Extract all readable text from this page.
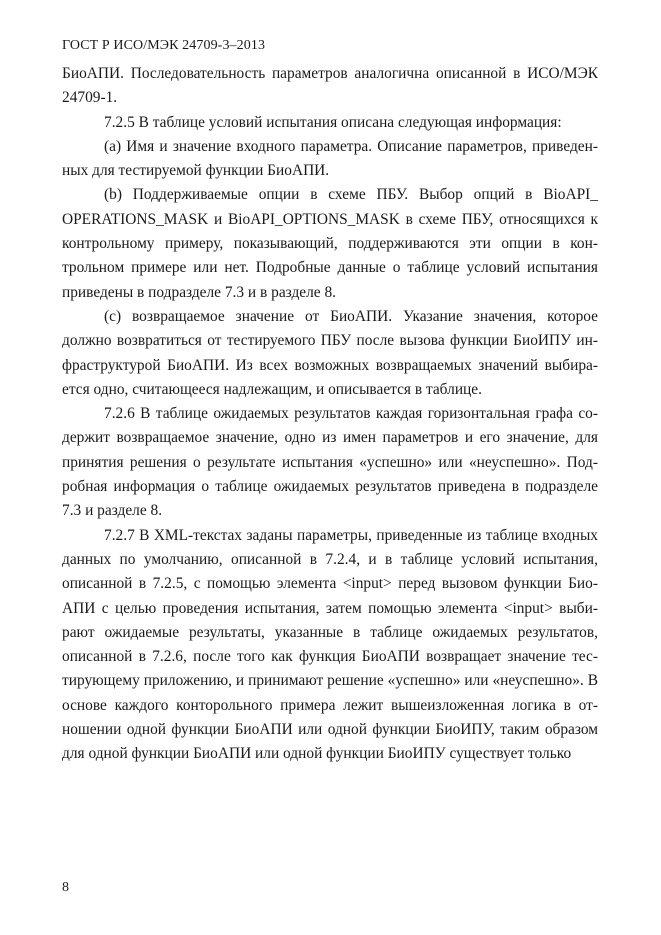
ГОСТ Р ИСО/МЭК 24709-3–2013

БиоАПИ. Последовательность параметров аналогична описанной в ИСО/МЭК 24709-1.

7.2.5 В таблице условий испытания описана следующая информация:

(a) Имя и значение входного параметра. Описание параметров, приведенных для тестируемой функции БиоАПИ.

(b) Поддерживаемые опции в схеме ПБУ. Выбор опций в BioAPI_​OPERATIONS_MASK и BioAPI_OPTIONS_MASK в схеме ПБУ, относящихся к контрольному примеру, показывающий, поддерживаются эти опции в контрольном примере или нет. Подробные данные о таблице условий испытания приведены в подразделе 7.3 и в разделе 8.

(c) возвращаемое значение от БиоАПИ. Указание значения, которое должно возвратиться от тестируемого ПБУ после вызова функции БиоИПУ инфраструктурой БиоАПИ. Из всех возможных возвращаемых значений выбирается одно, считающееся надлежащим, и описывается в таблице.

7.2.6 В таблице ожидаемых результатов каждая горизонтальная графа содержит возвращаемое значение, одно из имен параметров и его значение, для принятия решения о результате испытания «успешно» или «неуспешно». Подробная информация о таблице ожидаемых результатов приведена в подразделе 7.3 и разделе 8.

7.2.7 В XML-текстах заданы параметры, приведенные из таблице входных данных по умолчанию, описанной в 7.2.4, и в таблице условий испытания, описанной в 7.2.5, с помощью элемента <input> перед вызовом функции БиоАПИ с целью проведения испытания, затем помощью элемента <input> выбирают ожидаемые результаты, указанные в таблице ожидаемых результатов, описанной в 7.2.6, после того как функция БиоАПИ возвращает значение тестирующему приложению, и принимают решение «успешно» или «неуспешно». В основе каждого конторольного примера лежит вышеизложенная логика в отношении одной функции БиоАПИ или одной функции БиоИПУ, таким образом для одной функции БиоАПИ или одной функции БиоИПУ существует только

8
